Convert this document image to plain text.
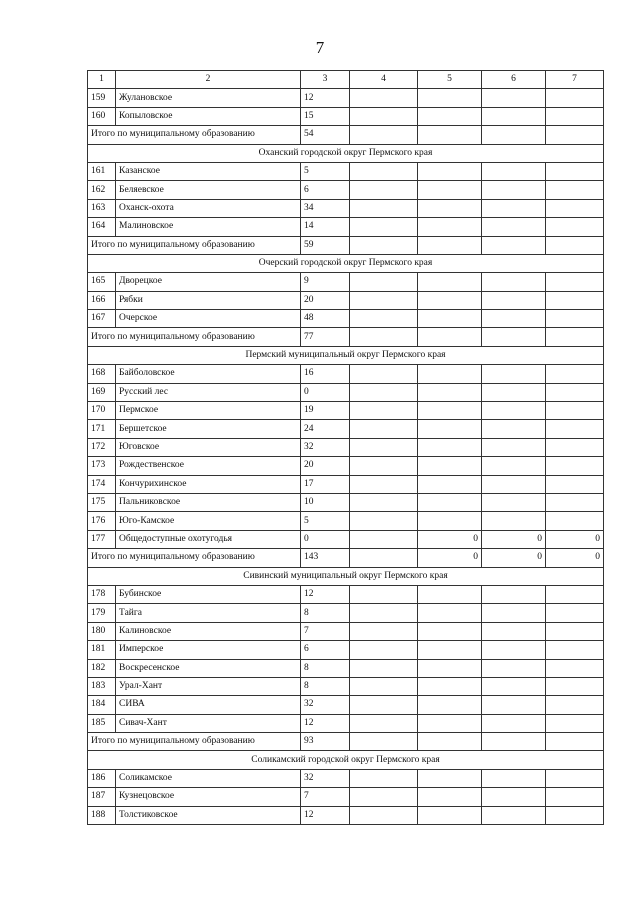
7
1	2	3	4	5	6	7
159	Жулановское	12				
160	Копыловское	15				
Итого по муниципальному образованию		54				
Оханский городской округ Пермского края						
161	Казанское	5				
162	Беляевское	6				
163	Оханск-охота	34				
164	Малиновское	14				
Итого по муниципальному образованию		59				
Очерский городской округ Пермского края						
165	Дворецкое	9				
166	Рябки	20				
167	Очерское	48				
Итого по муниципальному образованию		77				
Пермский муниципальный округ Пермского края						
168	Байболовское	16				
169	Русский лес	0				
170	Пермское	19				
171	Бершетское	24				
172	Юговское	32				
173	Рождественское	20				
174	Кончурихинское	17				
175	Пальниковское	10				
176	Юго-Камское	5				
177	Общедоступные охотугодья	0		0	0	0
Итого по муниципальному образованию		143		0	0	0
Сивинский муниципальный округ Пермского края						
178	Бубинское	12				
179	Тайга	8				
180	Калиновское	7				
181	Имперское	6				
182	Воскресенское	8				
183	Урал-Хант	8				
184	СИВА	32				
185	Сивач-Хант	12				
Итого по муниципальному образованию		93				
Соликамский городской округ Пермского края						
186	Соликамское	32				
187	Кузнецовское	7				
188	Толстиковское	12				
